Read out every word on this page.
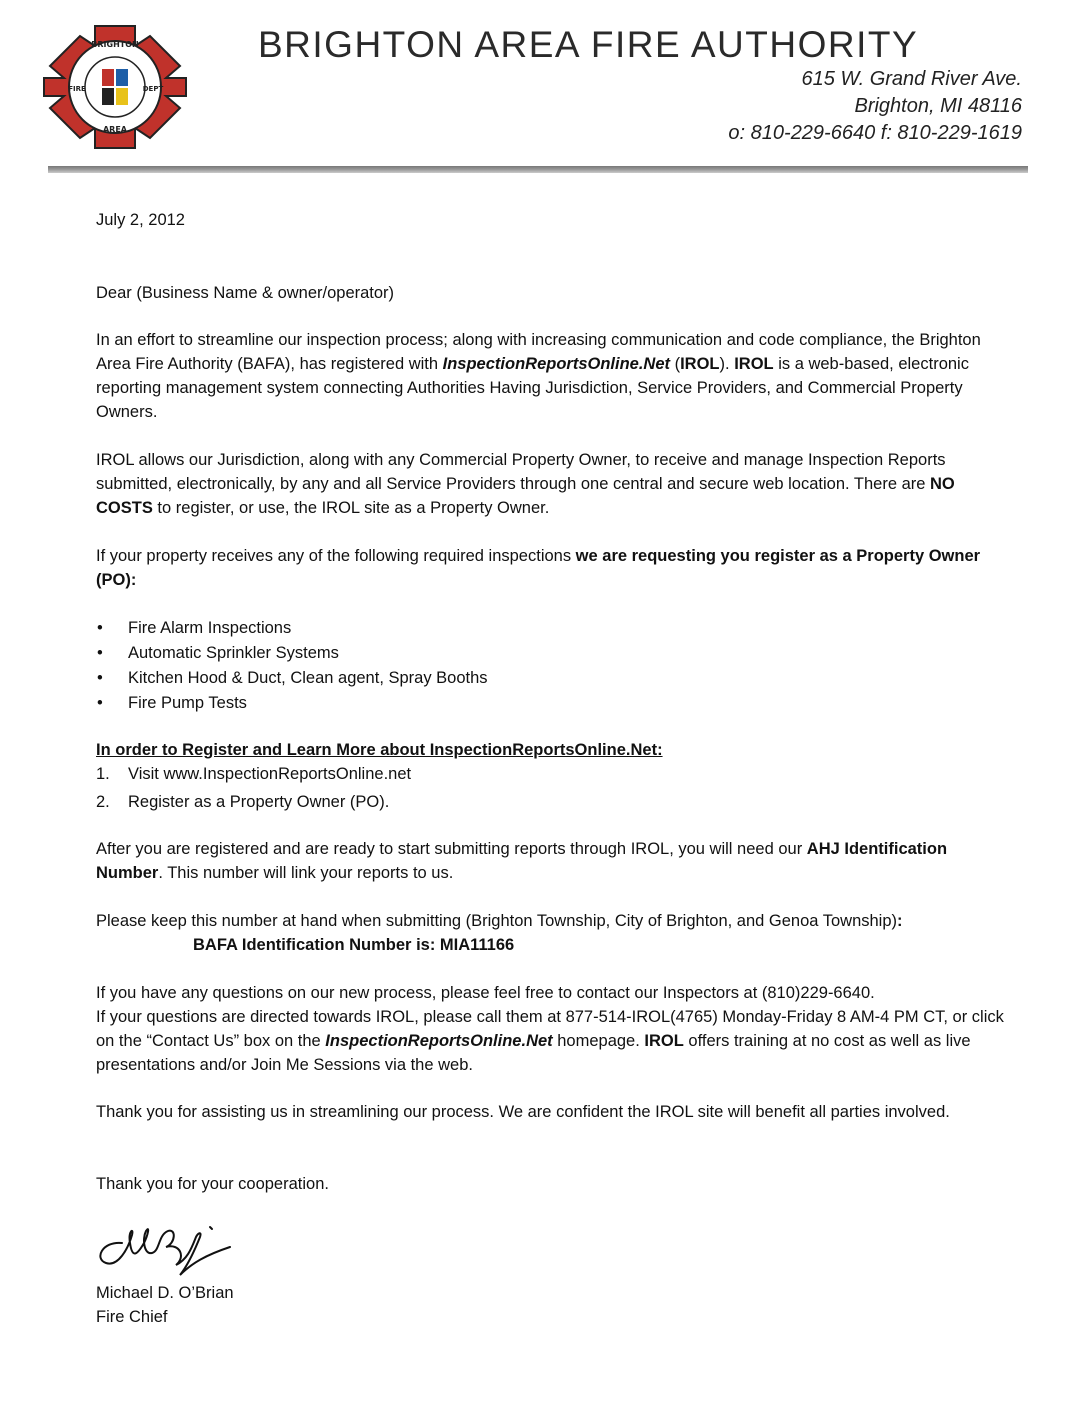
BRIGHTON
FIRE	DEPT
AREA
BRIGHTON AREA FIRE AUTHORITY
615 W. Grand River Ave.
Brighton, MI 48116
o: 810-229-6640 f: 810-229-1619

July 2, 2012

Dear (Business Name & owner/operator)

In an effort to streamline our inspection process; along with increasing communication and code compliance, the Brighton Area Fire Authority (BAFA), has registered with InspectionReportsOnline.Net (IROL). IROL is a web-based, electronic reporting management system connecting Authorities Having Jurisdiction, Service Providers, and Commercial Property Owners.

IROL allows our Jurisdiction, along with any Commercial Property Owner, to receive and manage Inspection Reports submitted, electronically, by any and all Service Providers through one central and secure web location. There are NO COSTS to register, or use, the IROL site as a Property Owner.

If your property receives any of the following required inspections we are requesting you register as a Property Owner (PO):

• Fire Alarm Inspections
• Automatic Sprinkler Systems
• Kitchen Hood & Duct, Clean agent, Spray Booths
• Fire Pump Tests

In order to Register and Learn More about InspectionReportsOnline.Net:

1. Visit www.InspectionReportsOnline.net
2. Register as a Property Owner (PO).

After you are registered and are ready to start submitting reports through IROL, you will need our AHJ Identification Number. This number will link your reports to us.

Please keep this number at hand when submitting (Brighton Township, City of Brighton, and Genoa Township):
BAFA Identification Number is: MIA11166

If you have any questions on our new process, please feel free to contact our Inspectors at (810)229-6640.
If your questions are directed towards IROL, please call them at 877-514-IROL(4765) Monday-Friday 8 AM-4 PM CT, or click on the “Contact Us” box on the InspectionReportsOnline.Net homepage. IROL offers training at no cost as well as live presentations and/or Join Me Sessions via the web.

Thank you for assisting us in streamlining our process. We are confident the IROL site will benefit all parties involved.

Thank you for your cooperation.

Michael D. O’Brian

Fire Chief
